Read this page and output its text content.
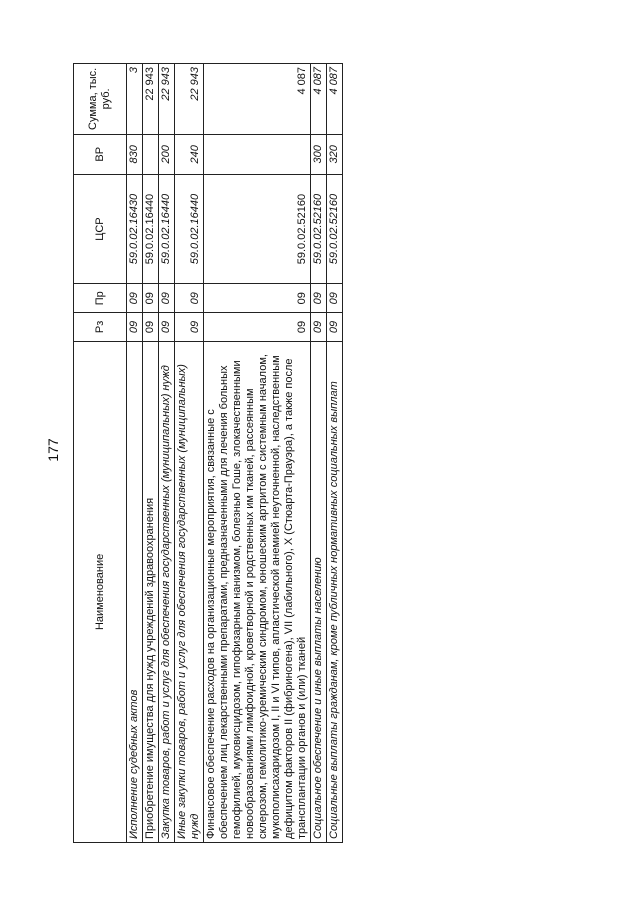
177
Наименование	Рз	Пр	ЦСР	ВР	Сумма, тыс. руб.
Исполнение судебных актов	09	09	59.0.02.16430	830	3
Приобретение имущества для нужд учреждений здравоохранения	09	09	59.0.02.16440		22 943
Закупка товаров, работ и услуг для обеспечения государственных (муниципальных) нужд	09	09	59.0.02.16440	200	22 943
Иные закупки товаров, работ и услуг для обеспечения государственных (муниципальных) нужд	09	09	59.0.02.16440	240	22 943
Финансовое обеспечение расходов на организационные мероприятия, связанные с обеспечением лиц лекарственными препаратами, предназначенными для лечения больных гемофилией, муковисцидозом, гипофизарным нанизмом, болезнью Гоше, злокачественными новообразованиями лимфоидной, кроветворной и родственных им тканей, рассеянным склерозом, гемолитико-уремическим синдромом, юношеским артритом с системным началом, мукополисахаридозом I, II и VI типов, апластической анемией неуточненной, наследственным дефицитом факторов II (фибриногена), VII (лабильного), X (Стюарта-Прауэра), а также после трансплантации органов и (или) тканей	09	09	59.0.02.52160		4 087
Социальное обеспечение и иные выплаты населению	09	09	59.0.02.52160	300	4 087
Социальные выплаты гражданам, кроме публичных нормативных социальных выплат	09	09	59.0.02.52160	320	4 087
